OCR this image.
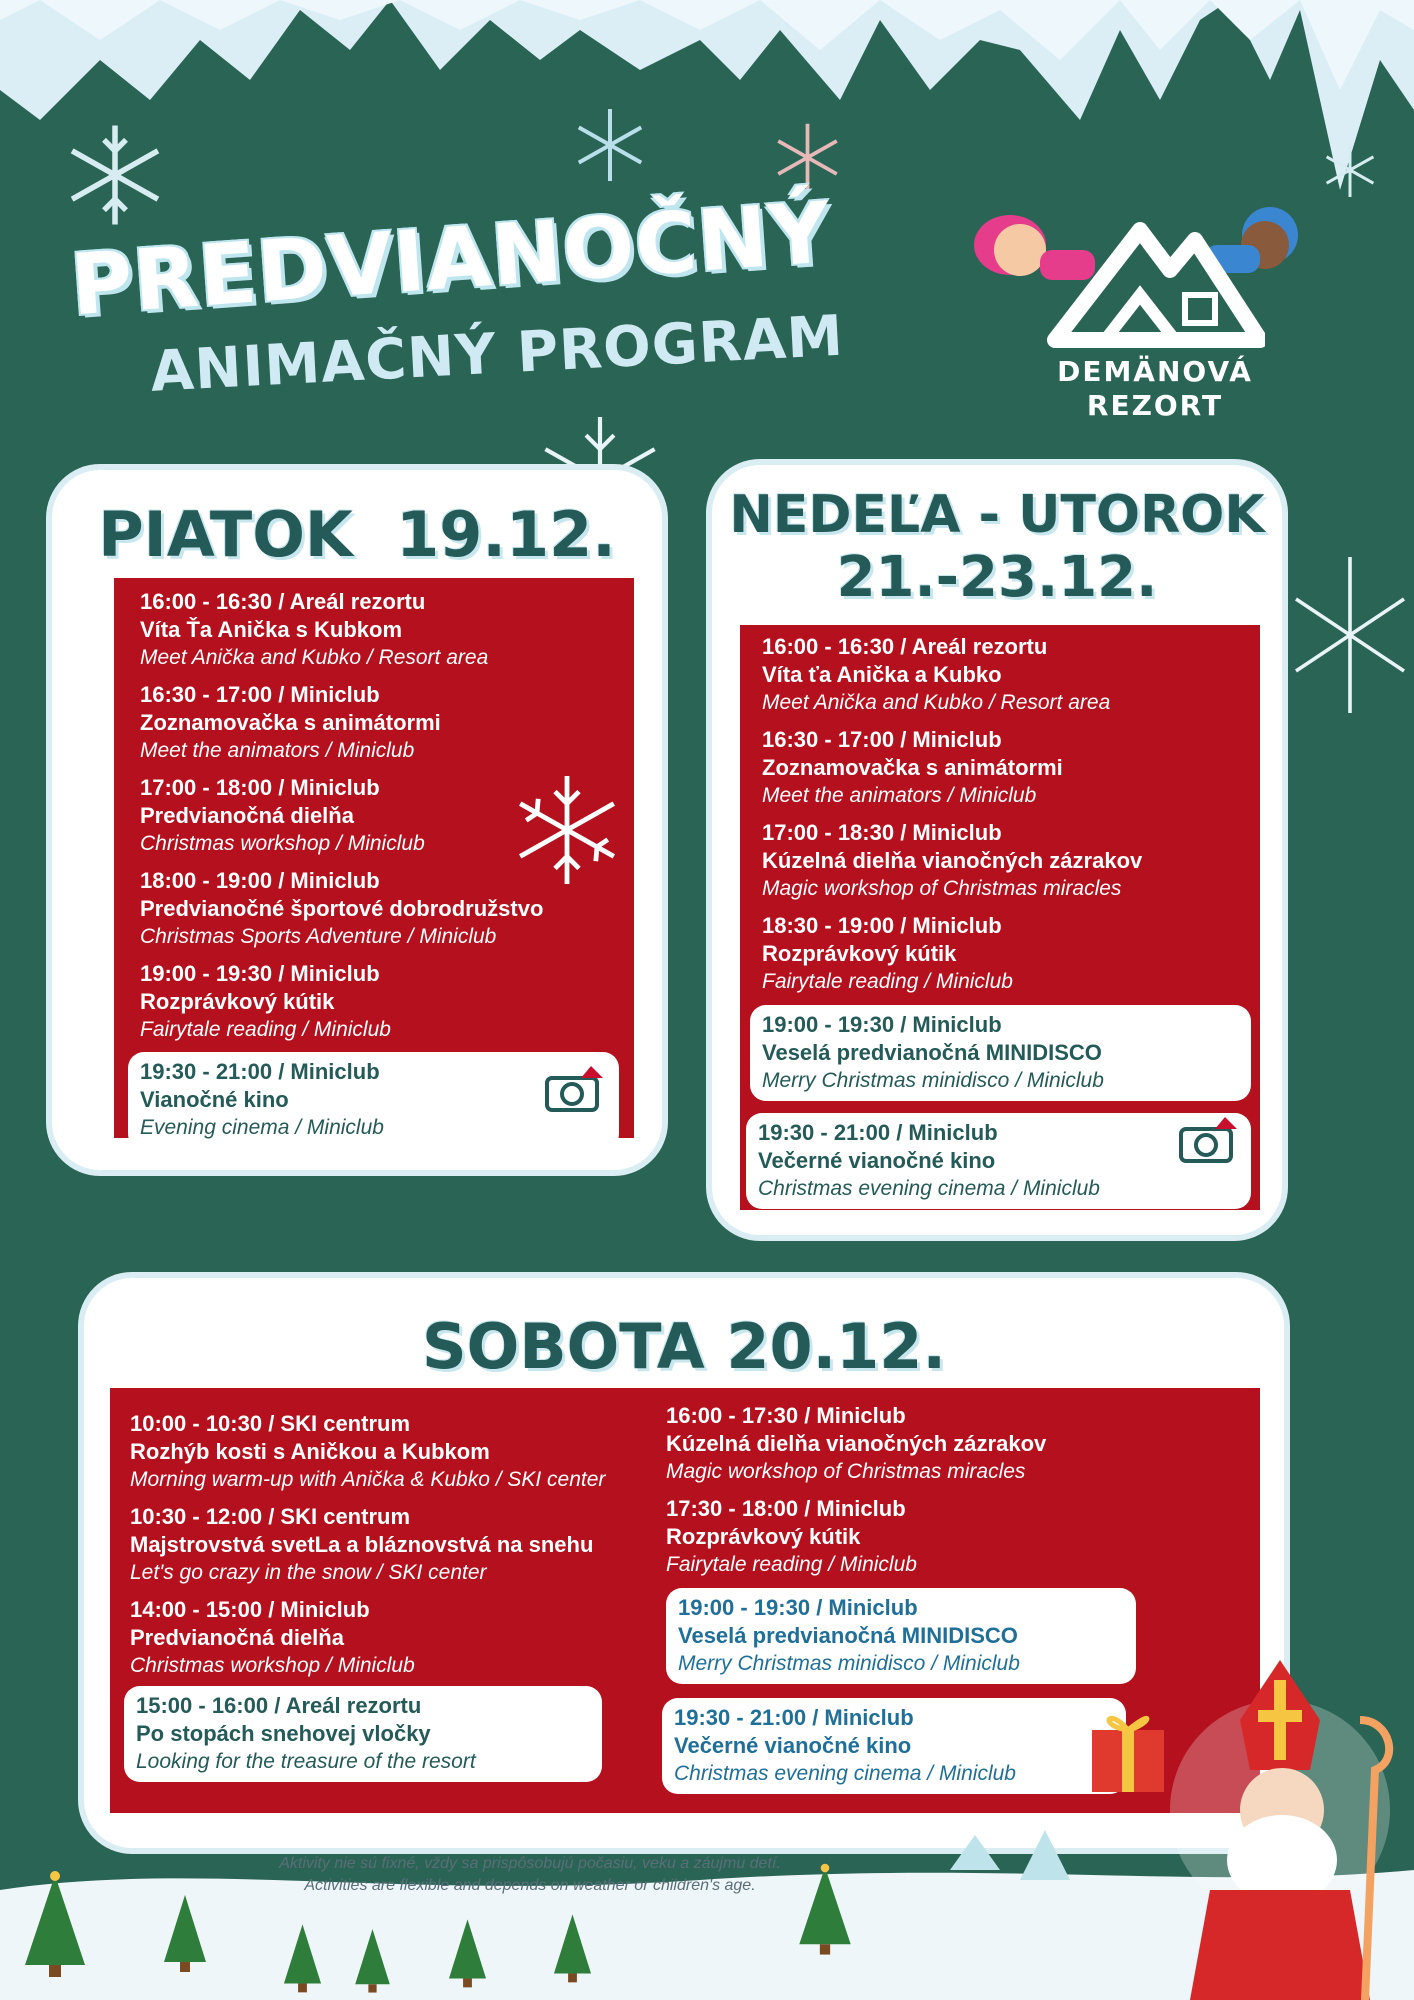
PREDVIANOČNÝ
ANIMAČNÝ PROGRAM	DEMÄNOVÁ
REZORT
PIATOK  19.12.
16:00 - 16:30 / Areál rezortu
Víta Ťa Anička s Kubkom
Meet Anička and Kubko / Resort area
16:30 - 17:00 / Miniclub
Zoznamovačka s animátormi
Meet the animators / Miniclub
17:00 - 18:00 / Miniclub
Predvianočná dielňa
Christmas workshop / Miniclub
18:00 - 19:00 / Miniclub
Predvianočné športové dobrodružstvo
Christmas Sports Adventure / Miniclub
19:00 - 19:30 / Miniclub
Rozprávkový kútik
Fairytale reading / Miniclub
19:30 - 21:00 / Miniclub
Vianočné kino
Evening cinema / Miniclub
NEDEĽA - UTOROK
21.-23.12.
16:00 - 16:30 / Areál rezortu
Víta ťa Anička a Kubko
Meet Anička and Kubko / Resort area
16:30 - 17:00 / Miniclub
Zoznamovačka s animátormi
Meet the animators / Miniclub
17:00 - 18:30 / Miniclub
Kúzelná dielňa vianočných zázrakov
Magic workshop of Christmas miracles
18:30 - 19:00 / Miniclub
Rozprávkový kútik
Fairytale reading / Miniclub
19:00 - 19:30 / Miniclub
Veselá predvianočná MINIDISCO
Merry Christmas minidisco / Miniclub
19:30 - 21:00 / Miniclub
Večerné vianočné kino
Christmas evening cinema / Miniclub
SOBOTA 20.12.
10:00 - 10:30 / SKI centrum
Rozhýb kosti s Aničkou a Kubkom
Morning warm-up with Anička & Kubko / SKI center
10:30 - 12:00 / SKI centrum
Majstrovstvá svetLa a bláznovstvá na snehu
Let's go crazy in the snow / SKI center
14:00 - 15:00 / Miniclub
Predvianočná dielňa
Christmas workshop / Miniclub
15:00 - 16:00 / Areál rezortu
Po stopách snehovej vločky
Looking for the treasure of the resort
16:00 - 17:30 / Miniclub
Kúzelná dielňa vianočných zázrakov
Magic workshop of Christmas miracles
17:30 - 18:00 / Miniclub
Rozprávkový kútik
Fairytale reading / Miniclub
19:00 - 19:30 / Miniclub
Veselá predvianočná MINIDISCO
Merry Christmas minidisco / Miniclub
19:30 - 21:00 / Miniclub
Večerné vianočné kino
Christmas evening cinema / Miniclub
Aktivity nie sú fixné, vždy sa prispôsobujú počasiu, veku a záujmu detí.
Activities are flexible and depends on weather or children's age.
